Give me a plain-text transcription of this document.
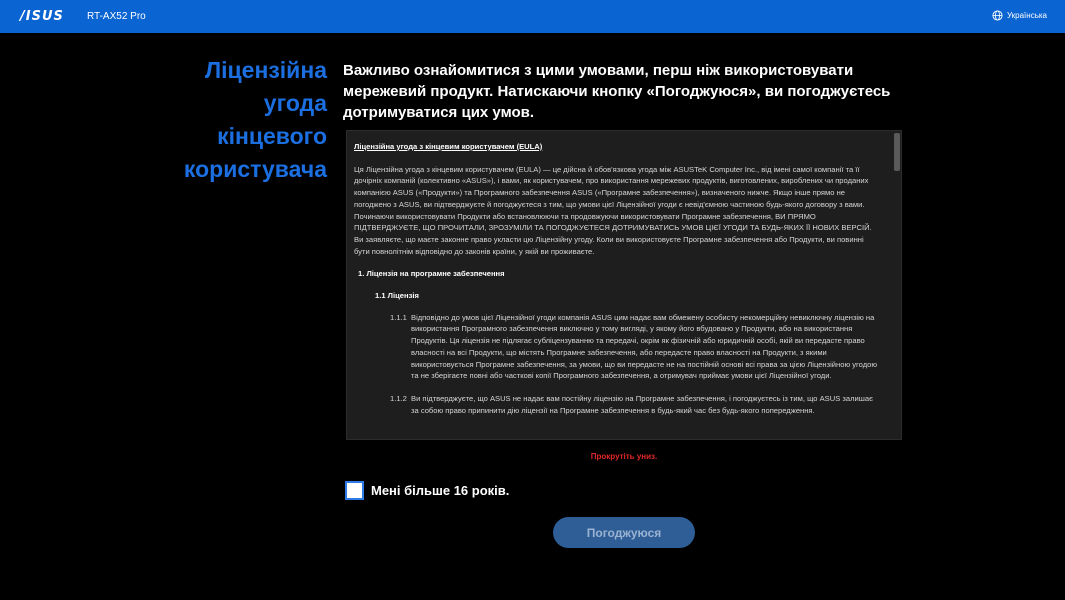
/ISUS RT-AX52 Pro	Українська
Ліцензійна
угода
кінцевого
користувача
Важливо ознайомитися з цими умовами, перш ніж використовувати мережевий продукт. Натискаючи кнопку «Погоджуюся», ви погоджуєтесь дотримуватися цих умов.
Ліцензійна угода з кінцевим користувачем (EULA)
Ця Ліцензійна угода з кінцевим користувачем (EULA) — це дійсна й обов'язкова угода між ASUSTeK Computer Inc., від імені самої компанії та її дочірніх компаній (колективно «ASUS»), і вами, як користувачем, про використання мережевих продуктів, виготовлених, вироблених чи проданих компанією ASUS («Продукти») та Програмного забезпечення ASUS («Програмне забезпечення»), визначеного нижче. Якщо інше прямо не погоджено з ASUS, ви підтверджуєте й погоджуєтеся з тим, що умови цієї Ліцензійної угоди є невід'ємною частиною будь-якого договору з вами. Починаючи використовувати Продукти або встановлюючи та продовжуючи використовувати Програмне забезпечення, ВИ ПРЯМО ПІДТВЕРДЖУЄТЕ, ЩО ПРОЧИТАЛИ, ЗРОЗУМІЛИ ТА ПОГОДЖУЄТЕСЯ ДОТРИМУВАТИСЬ УМОВ ЦІЄЇ УГОДИ ТА БУДЬ-ЯКИХ ЇЇ НОВИХ ВЕРСІЙ. Ви заявляєте, що маєте законне право укласти цю Ліцензійну угоду. Коли ви використовуєте Програмне забезпечення або Продукти, ви повинні бути повнолітнім відповідно до законів країни, у якій ви проживаєте.
1. Ліцензія на програмне забезпечення
1.1 Ліцензія
1.1.1 Відповідно до умов цієї Ліцензійної угоди компанія ASUS цим надає вам обмежену особисту некомерційну невиключну ліцензію на використання Програмного забезпечення виключно у тому вигляді, у якому його вбудовано у Продукти, або на використання Продуктів. Ця ліцензія не підлягає субліцензуванню та передачі, окрім як фізичній або юридичній особі, якій ви передасте право власності на всі Продукти, що містять Програмне забезпечення, або передасте право власності на Продукти, з якими використовується Програмне забезпечення, за умови, що ви передасте не на постійній основі всі права за цією Ліцензійною угодою та не зберігаєте повні або часткові копії Програмного забезпечення, а отримувач приймає умови цієї Ліцензійної угоди.
1.1.2 Ви підтверджуєте, що ASUS не надає вам постійну ліцензію на Програмне забезпечення, і погоджуєтесь із тим, що ASUS залишає за собою право припинити дію ліцензії на Програмне забезпечення в будь-який час без будь-якого попередження.
Прокрутіть униз.
Мені більше 16 років.
Погоджуюся
